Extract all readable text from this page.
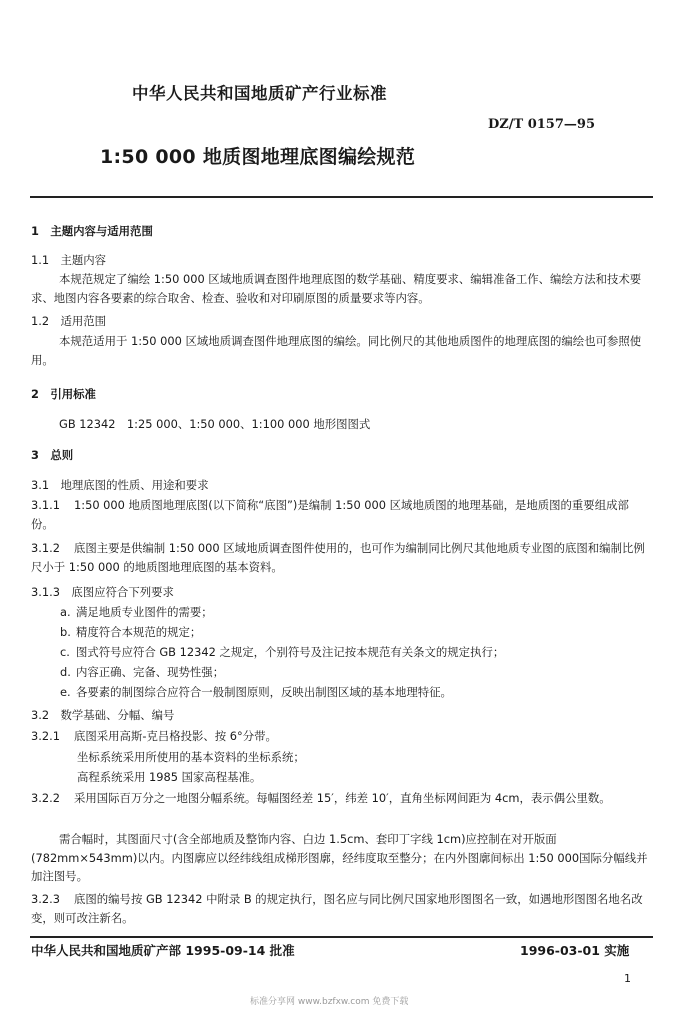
中华人民共和国地质矿产行业标准
DZ/T 0157—95
1:50 000 地质图地理底图编绘规范
1　主题内容与适用范围
1.1　主题内容
本规范规定了编绘 1:50 000 区域地质调查图件地理底图的数学基础、精度要求、编辑准备工作、编绘方法和技术要求、地图内容各要素的综合取舍、检查、验收和对印刷原图的质量要求等内容。
1.2　适用范围
本规范适用于 1:50 000 区域地质调查图件地理底图的编绘。同比例尺的其他地质图件的地理底图的编绘也可参照使用。
2　引用标准
GB 12342　1:25 000、1:50 000、1:100 000 地形图图式
3　总则
3.1　地理底图的性质、用途和要求
3.1.1 1:50 000 地质图地理底图(以下简称“底图”)是编制 1:50 000 区域地质图的地理基础，是地质图的重要组成部份。
3.1.2 底图主要是供编制 1:50 000 区域地质调查图件使用的，也可作为编制同比例尺其他地质专业图的底图和编制比例尺小于 1:50 000 的地质图地理底图的基本资料。
3.1.3　底图应符合下列要求
a. 满足地质专业图件的需要；
b. 精度符合本规范的规定；
c. 图式符号应符合 GB 12342 之规定，个别符号及注记按本规范有关条文的规定执行；
d. 内容正确、完备、现势性强；
e. 各要素的制图综合应符合一般制图原则，反映出制图区域的基本地理特征。
3.2　数学基础、分幅、编号
3.2.1 底图采用高斯-克吕格投影、按 6°分带。
坐标系统采用所使用的基本资料的坐标系统；
高程系统采用 1985 国家高程基准。
3.2.2 采用国际百万分之一地图分幅系统。每幅图经差 15′，纬差 10′，直角坐标网间距为 4cm，表示偶公里数。
需合幅时，其图面尺寸(含全部地质及整饰内容、白边 1.5cm、套印丁字线 1cm)应控制在对开版面(782mm×543mm)以内。内图廓应以经纬线组成梯形图廓，经纬度取至整分；在内外图廓间标出 1:50 000国际分幅线并加注图号。
3.2.3 底图的编号按 GB 12342 中附录 B 的规定执行，图名应与同比例尺国家地形图图名一致，如遇地形图图名地名改变，则可改注新名。
中华人民共和国地质矿产部 1995-09-14 批准	1996-03-01 实施
1
标准分享网 www.bzfxw.com 免费下载
